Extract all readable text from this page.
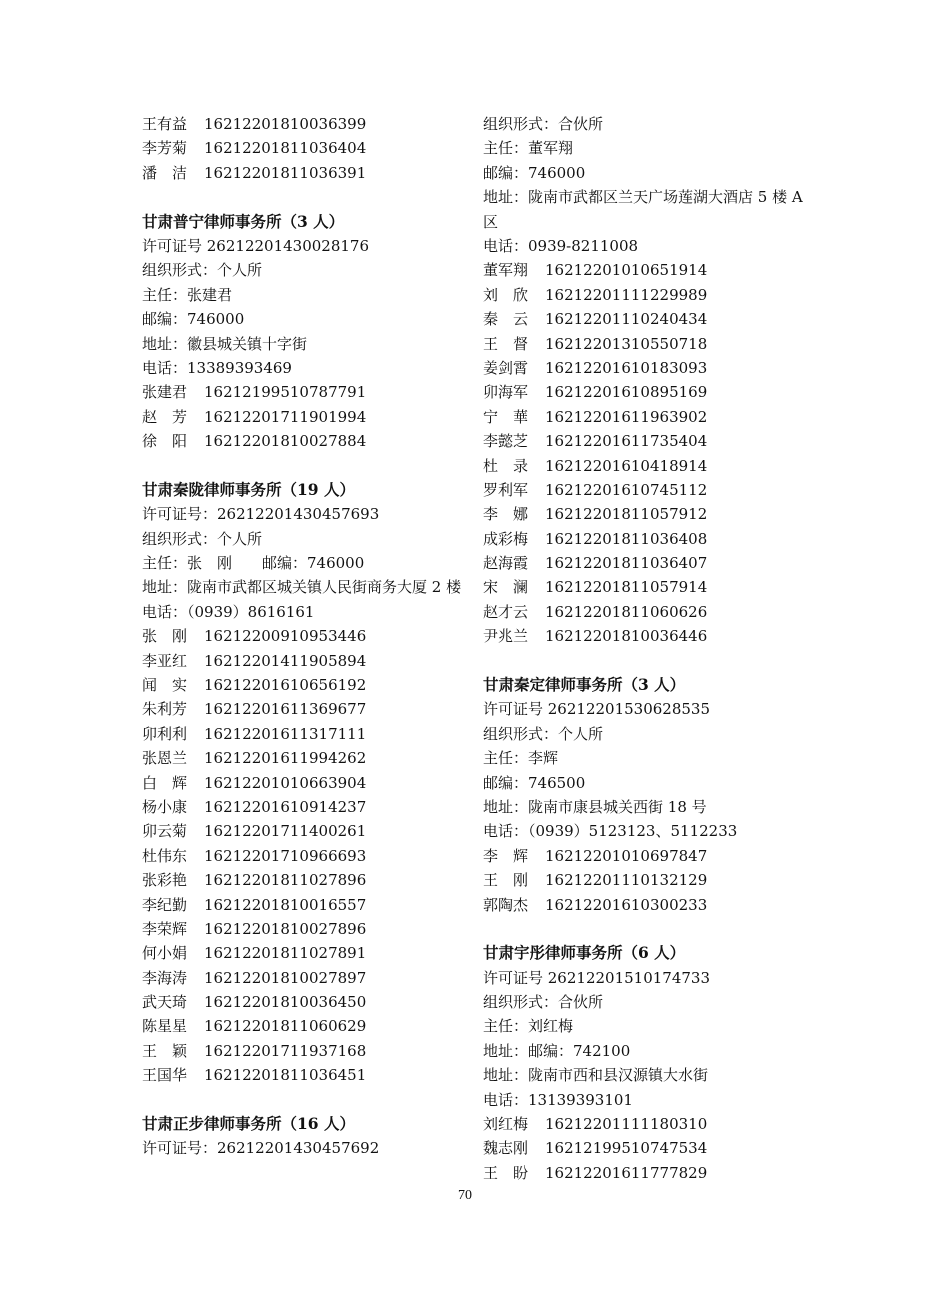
王有益 16212201810036399
李芳菊 16212201811036404
潘　洁 16212201811036391
甘肃普宁律师事务所（3 人）
许可证号 26212201430028176
组织形式：个人所
主任：张建君
邮编：746000
地址：徽县城关镇十字街
电话：13389393469
张建君 16212199510787791
赵　芳 16212201711901994
徐　阳 16212201810027884
甘肃秦陇律师事务所（19 人）
许可证号：26212201430457693
组织形式：个人所
主任：张　刚　　邮编：746000
地址：陇南市武都区城关镇人民街商务大厦 2 楼
电话：（0939）8616161
张　刚 16212200910953446
李亚红 16212201411905894
闻　实 16212201610656192
朱利芳 16212201611369677
卯利利 16212201611317111
张恩兰 16212201611994262
白　辉 16212201010663904
杨小康 16212201610914237
卯云菊 16212201711400261
杜伟东 16212201710966693
张彩艳 16212201811027896
李纪勤 16212201810016557
李荣辉 16212201810027896
何小娟 16212201811027891
李海涛 16212201810027897
武天琦 16212201810036450
陈星星 16212201811060629
王　颖 16212201711937168
王国华 16212201811036451
甘肃正步律师事务所（16 人）
许可证号：26212201430457692
组织形式：合伙所
主任：董军翔
邮编：746000
地址：陇南市武都区兰天广场莲湖大酒店 5 楼 A 区
电话：0939-8211008
董军翔 16212201010651914
刘　欣 16212201111229989
秦　云 16212201110240434
王　督 16212201310550718
姜剑霄 16212201610183093
卯海军 16212201610895169
宁　華 16212201611963902
李懿芝 16212201611735404
杜　录 16212201610418914
罗利军 16212201610745112
李　娜 16212201811057912
成彩梅 16212201811036408
赵海霞 16212201811036407
宋　澜 16212201811057914
赵才云 16212201811060626
尹兆兰 16212201810036446
甘肃秦定律师事务所（3 人）
许可证号 26212201530628535
组织形式：个人所
主任：李辉
邮编：746500
地址：陇南市康县城关西街 18 号
电话：（0939）5123123、5112233
李　辉 16212201010697847
王　刚 16212201110132129
郭陶杰 16212201610300233
甘肃宇彤律师事务所（6 人）
许可证号 26212201510174733
组织形式：合伙所
主任：刘红梅
地址：邮编：742100
地址：陇南市西和县汉源镇大水街
电话：13139393101
刘红梅 16212201111180310
魏志刚 16212199510747534
王　盼 16212201611777829
70
